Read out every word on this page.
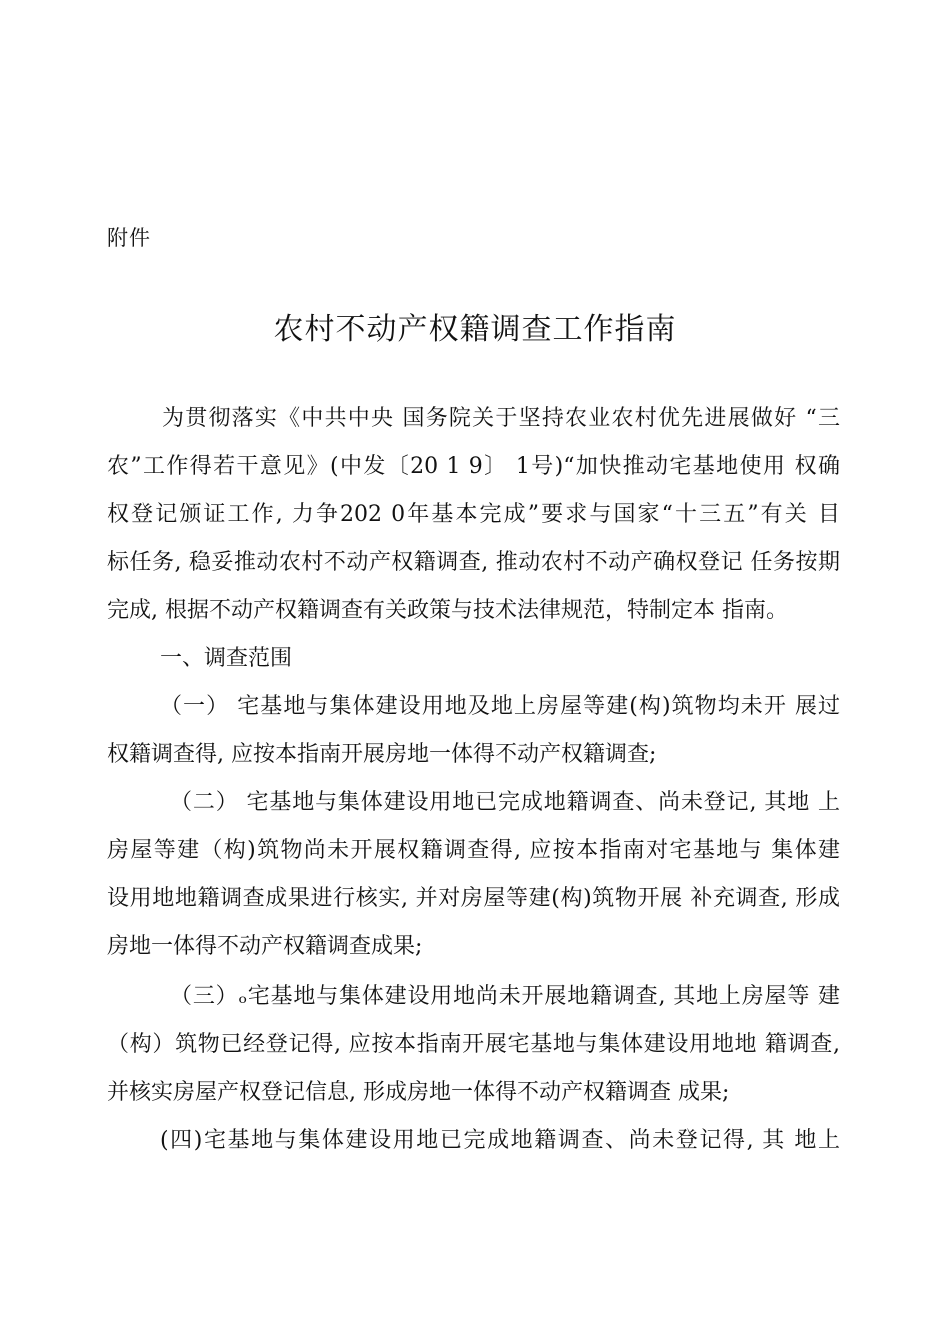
附件
农村不动产权籍调查工作指南
为贯彻落实《中共中央 国务院关于坚持农业农村优先进展做好 “三
农”工作得若干意见》(中发〔20 1 9〕 1号)“加快推动宅基地使用 权确
权登记颁证工作, 力争202 0年基本完成”要求与国家“十三五”有关 目
标任务, 稳妥推动农村不动产权籍调查, 推动农村不动产确权登记 任务按期
完成, 根据不动产权籍调查有关政策与技术法律规范，特制定本 指南。
一、调查范围
（一） 宅基地与集体建设用地及地上房屋等建(构)筑物均未开 展过
权籍调查得, 应按本指南开展房地一体得不动产权籍调查;
（二） 宅基地与集体建设用地已完成地籍调查、尚未登记, 其地 上
房屋等建（构)筑物尚未开展权籍调查得, 应按本指南对宅基地与 集体建
设用地地籍调查成果进行核实, 并对房屋等建(构)筑物开展 补充调查, 形成
房地一体得不动产权籍调查成果;
（三）ₒ宅基地与集体建设用地尚未开展地籍调查, 其地上房屋等 建
（构）筑物已经登记得, 应按本指南开展宅基地与集体建设用地地 籍调查,
并核实房屋产权登记信息, 形成房地一体得不动产权籍调查 成果;
(四)宅基地与集体建设用地已完成地籍调查、尚未登记得, 其 地上
